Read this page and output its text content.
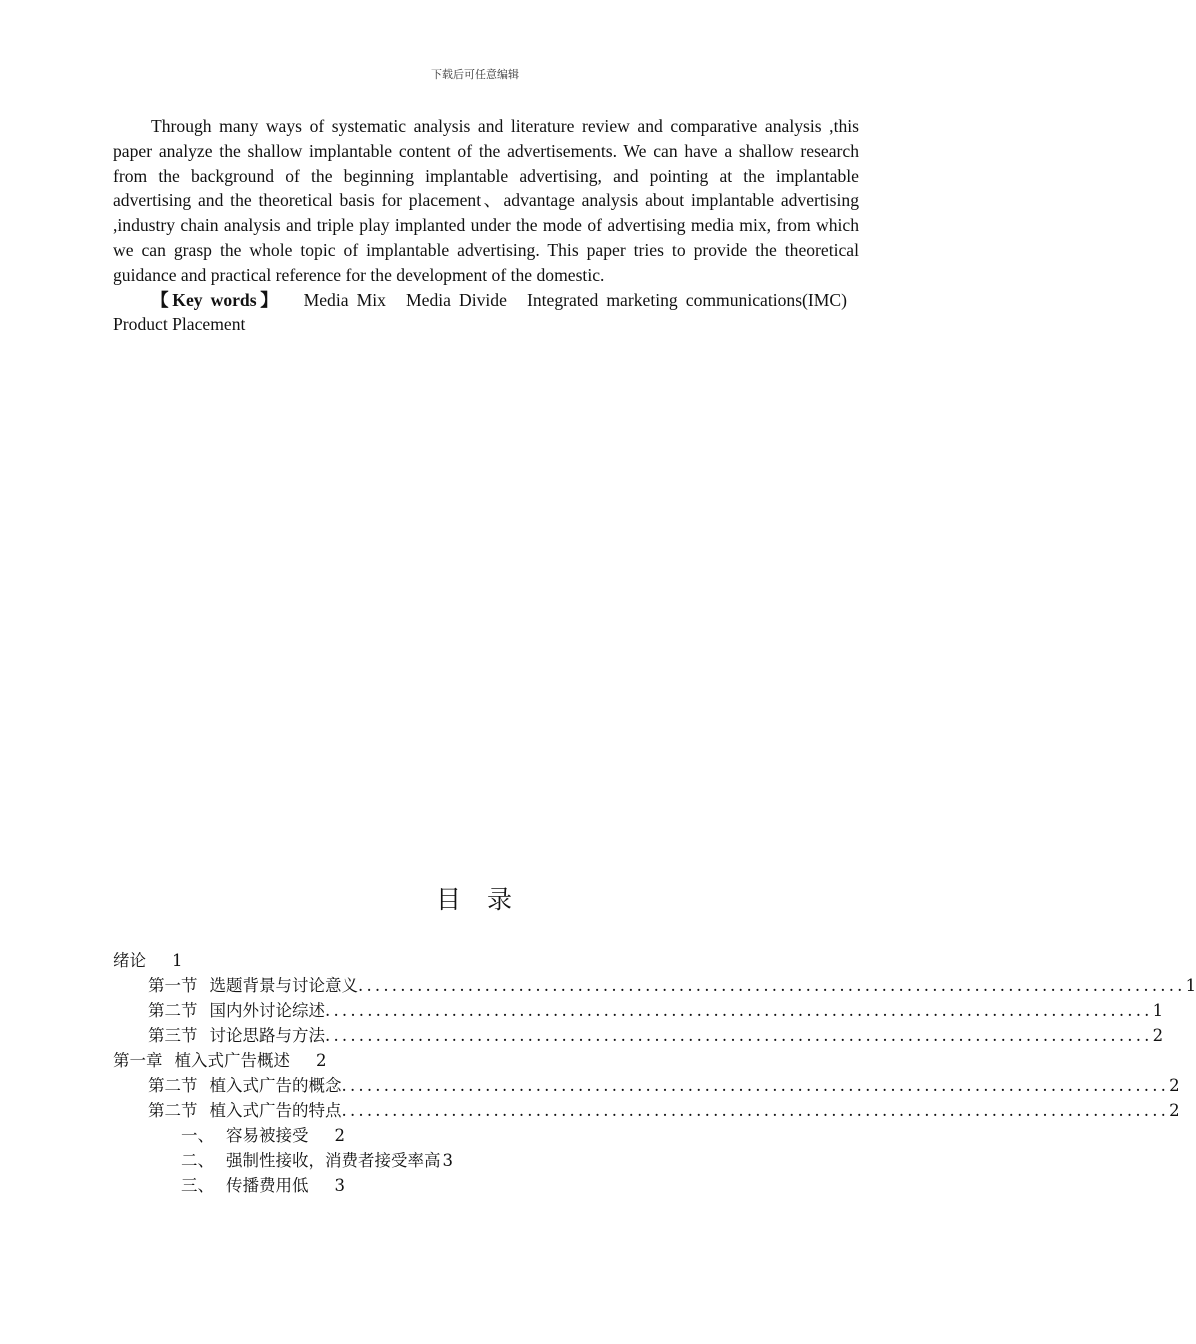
下载后可任意编辑

Through many ways of systematic analysis and literature review and comparative analysis ,this paper analyze the shallow implantable content of the advertisements. We can have a shallow research from the background of the beginning implantable advertising, and pointing at the implantable advertising and the theoretical basis for placement、advantage analysis about implantable advertising ,industry chain analysis and triple play implanted under the mode of advertising media mix, from which we can grasp the whole topic of implantable advertising. This paper tries to provide the theoretical guidance and practical reference for the development of the domestic.

【Key words】 Media Mix Media Divide Integrated marketing communications(IMC) Product Placement

目 录
绪论 1
第一节 选题背景与讨论意义 .................................................................................................. 1
第二节 国内外讨论综述 .................................................................................................. 1
第三节 讨论思路与方法 .................................................................................................. 2
第一章 植入式广告概述 2
第二节 植入式广告的概念 .................................................................................................. 2
第二节 植入式广告的特点 .................................................................................................. 2
一、 容易被接受 2
二、 强制性接收，消费者接受率高 3
三、 传播费用低 3
